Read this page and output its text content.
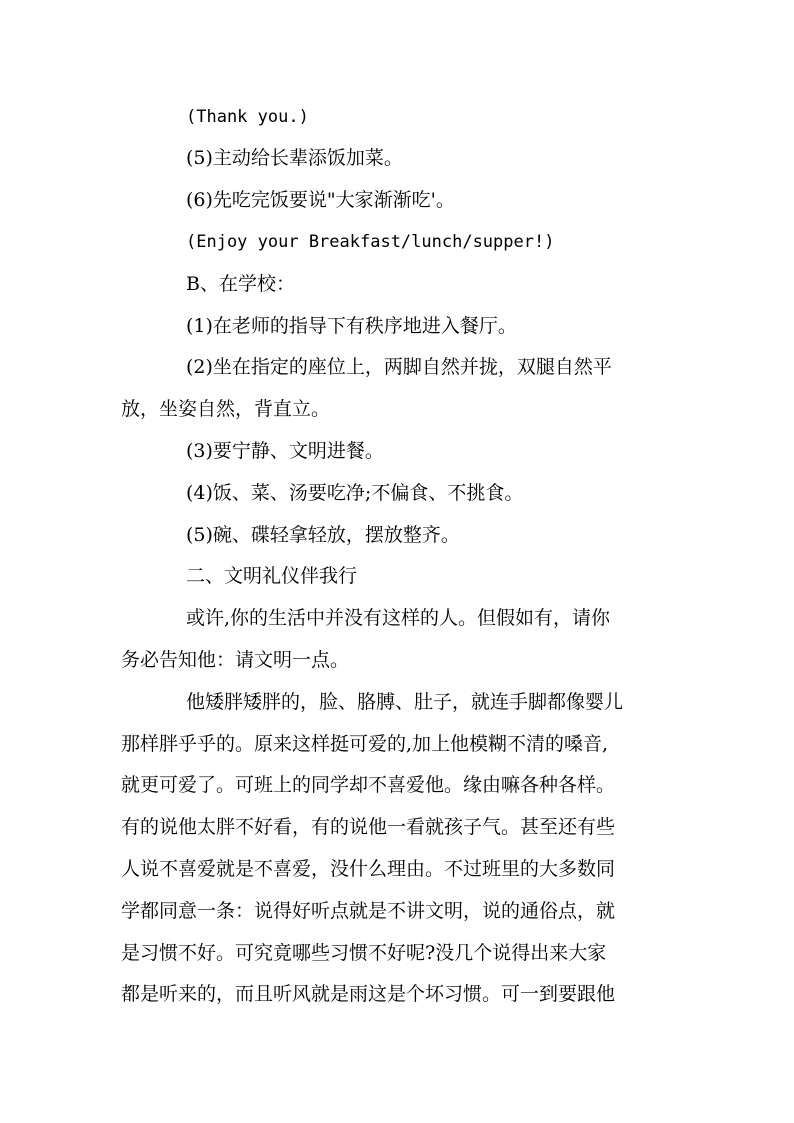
(Thank you.)
(5)主动给长辈添饭加菜。
(6)先吃完饭要说"大家渐渐吃'。
(Enjoy your Breakfast/lunch/supper!)
B、在学校：
(1)在老师的指导下有秩序地进入餐厅。
(2)坐在指定的座位上，两脚自然并拢，双腿自然平
放，坐姿自然，背直立。
(3)要宁静、文明进餐。
(4)饭、菜、汤要吃净;不偏食、不挑食。
(5)碗、碟轻拿轻放，摆放整齐。
二、文明礼仪伴我行
或许,你的生活中并没有这样的人。但假如有，请你
务必告知他：请文明一点。
他矮胖矮胖的，脸、胳膊、肚子，就连手脚都像婴儿
那样胖乎乎的。原来这样挺可爱的,加上他模糊不清的嗓音,
就更可爱了。可班上的同学却不喜爱他。缘由嘛各种各样。
有的说他太胖不好看，有的说他一看就孩子气。甚至还有些
人说不喜爱就是不喜爱，没什么理由。不过班里的大多数同
学都同意一条：说得好听点就是不讲文明，说的通俗点，就
是习惯不好。可究竟哪些习惯不好呢?没几个说得出来大家
都是听来的，而且听风就是雨这是个坏习惯。可一到要跟他
